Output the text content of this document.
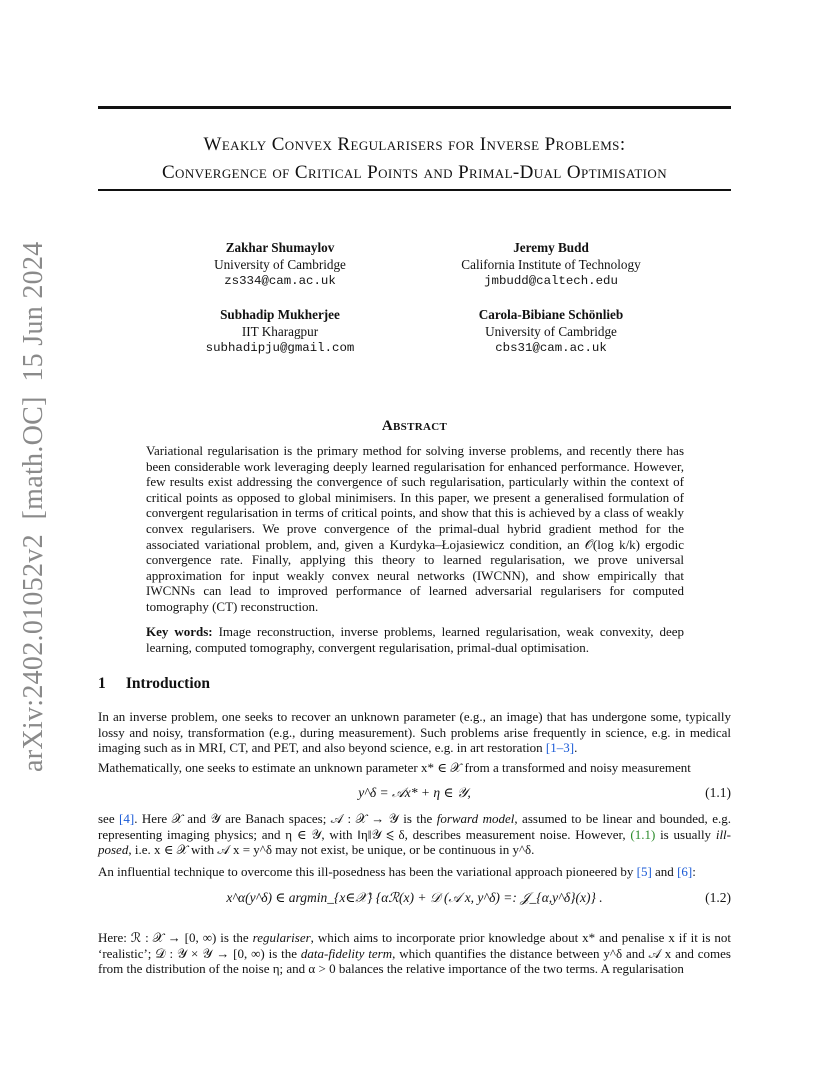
arXiv:2402.01052v2  [math.OC]  15 Jun 2024
Weakly Convex Regularisers for Inverse Problems:
Convergence of Critical Points and Primal-Dual Optimisation
Zakhar Shumaylov
University of Cambridge
zs334@cam.ac.uk
Jeremy Budd
California Institute of Technology
jmbudd@caltech.edu
Subhadip Mukherjee
IIT Kharagpur
subhadipju@gmail.com
Carola-Bibiane Schönlieb
University of Cambridge
cbs31@cam.ac.uk
Abstract
Variational regularisation is the primary method for solving inverse problems, and recently there has been considerable work leveraging deeply learned regularisation for enhanced performance. However, few results exist addressing the convergence of such regularisation, particularly within the context of critical points as opposed to global minimisers. In this paper, we present a generalised formulation of convergent regularisation in terms of critical points, and show that this is achieved by a class of weakly convex regularisers. We prove convergence of the primal-dual hybrid gradient method for the associated variational problem, and, given a Kurdyka–Łojasiewicz condition, an 𝒪(log k/k) ergodic convergence rate. Finally, applying this theory to learned regularisation, we prove universal approximation for input weakly convex neural networks (IWCNN), and show empirically that IWCNNs can lead to improved performance of learned adversarial regularisers for computed tomography (CT) reconstruction.
Key words: Image reconstruction, inverse problems, learned regularisation, weak convexity, deep learning, computed tomography, convergent regularisation, primal-dual optimisation.
1 Introduction
In an inverse problem, one seeks to recover an unknown parameter (e.g., an image) that has undergone some, typically lossy and noisy, transformation (e.g., during measurement). Such problems arise frequently in science, e.g. in medical imaging such as in MRI, CT, and PET, and also beyond science, e.g. in art restoration [1–3].
Mathematically, one seeks to estimate an unknown parameter x* ∈ 𝒳 from a transformed and noisy measurement
y^δ = 𝒜x* + η ∈ 𝒴,	(1.1)
see [4]. Here 𝒳 and 𝒴 are Banach spaces; 𝒜 : 𝒳 → 𝒴 is the forward model, assumed to be linear and bounded, e.g. representing imaging physics; and η ∈ 𝒴, with ‖η‖𝒴 ⩽ δ, describes measurement noise. However, (1.1) is usually ill-posed, i.e. x ∈ 𝒳 with 𝒜 x = y^δ may not exist, be unique, or be continuous in y^δ.
An influential technique to overcome this ill-posedness has been the variational approach pioneered by [5] and [6]:
x^α(y^δ) ∈ argmin_{x∈𝒳} {αℛ(x) + 𝒟 (𝒜 x, y^δ) =: 𝒥_{α,y^δ}(x)} .	(1.2)
Here: ℛ : 𝒳 → [0, ∞) is the regulariser, which aims to incorporate prior knowledge about x* and penalise x if it is not ‘realistic’; 𝒟 : 𝒴 × 𝒴 → [0, ∞) is the data-fidelity term, which quantifies the distance between y^δ and 𝒜 x and comes from the distribution of the noise η; and α > 0 balances the relative importance of the two terms. A regularisation
